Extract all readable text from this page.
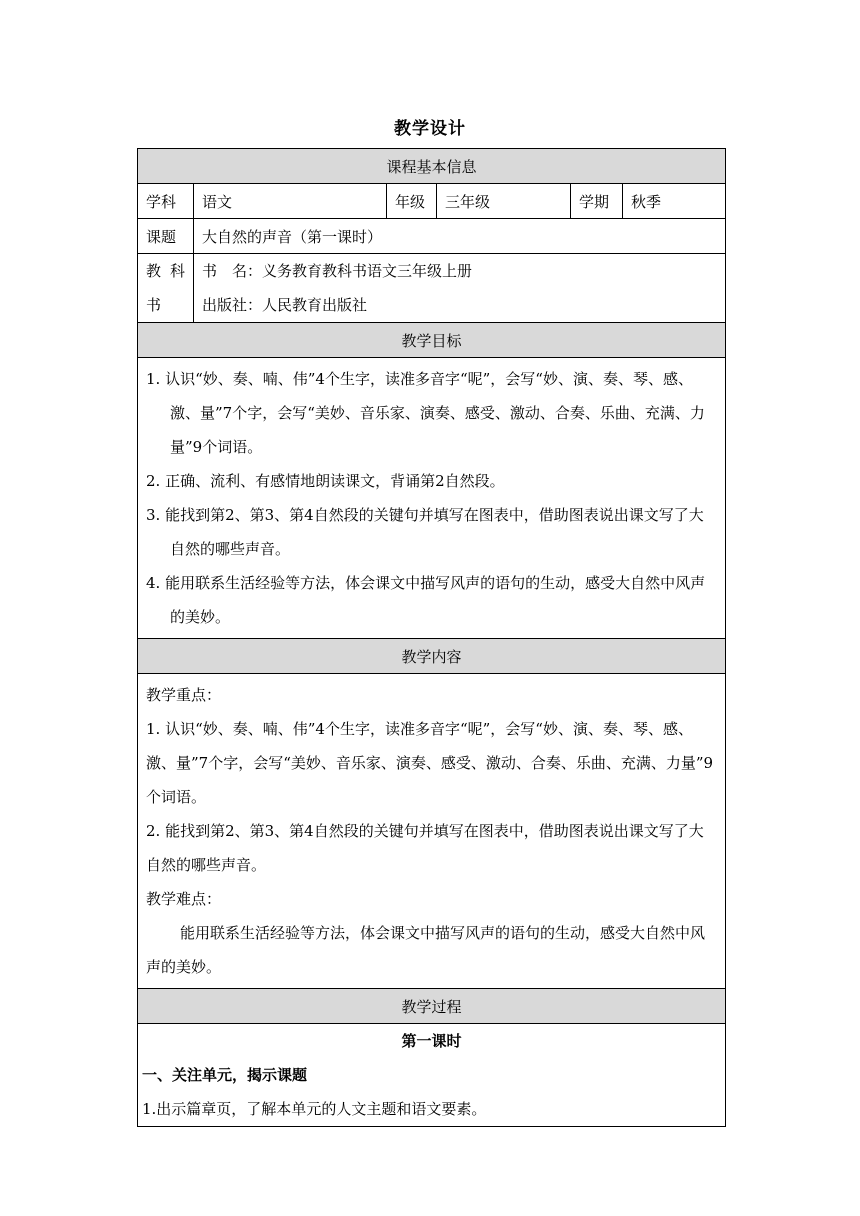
教学设计
课程基本信息					
学科	语文	年级	三年级	学期	秋季
课题	大自然的声音（第一课时）				
教 科 书	书　名：义务教育教科书语文三年级上册
出版社：人民教育出版社				

教学目标					

1. 认识“妙、奏、喃、伟”4个生字，读准多音字“呢”，会写“妙、演、奏、琴、感、激、量”7个字，会写“美妙、音乐家、演奏、感受、激动、合奏、乐曲、充满、力量”9个词语。
2. 正确、流利、有感情地朗读课文，背诵第2自然段。
3. 能找到第2、第3、第4自然段的关键句并填写在图表中，借助图表说出课文写了大自然的哪些声音。
4. 能用联系生活经验等方法，体会课文中描写风声的语句的生动，感受大自然中风声的美妙。					

教学内容					

教学重点：
1. 认识“妙、奏、喃、伟”4个生字，读准多音字“呢”，会写“妙、演、奏、琴、感、激、量”7个字，会写“美妙、音乐家、演奏、感受、激动、合奏、乐曲、充满、力量”9个词语。
2. 能找到第2、第3、第4自然段的关键句并填写在图表中，借助图表说出课文写了大自然的哪些声音。
教学难点：
能用联系生活经验等方法，体会课文中描写风声的语句的生动，感受大自然中风声的美妙。					

教学过程					

第一课时
一、关注单元，揭示课题
1.出示篇章页，了解本单元的人文主题和语文要素。					
